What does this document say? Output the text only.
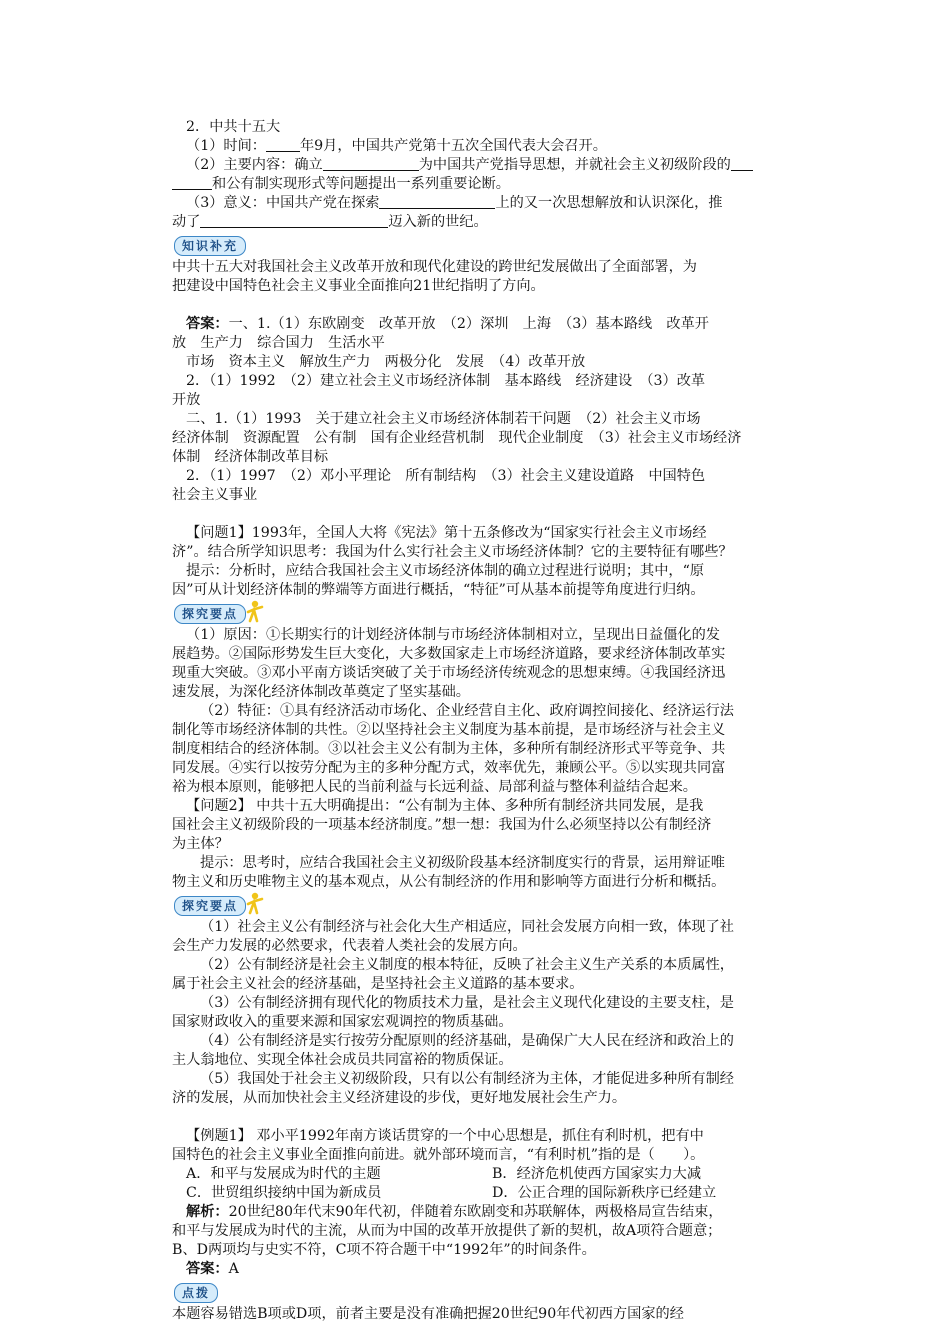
2．中共十五大

（1）时间： 年9月，中国共产党第十五次全国代表大会召开。

（2）主要内容：确立	为中国共产党指导思想，并就社会主义初级阶段的

和公有制实现形式等问题提出一系列重要论断。

（3）意义：中国共产党在探索	上的又一次思想解放和认识深化，推

动了	迈入新的世纪。

知识补充

中共十五大对我国社会主义改革开放和现代化建设的跨世纪发展做出了全面部署，为

把建设中国特色社会主义事业全面推向21世纪指明了方向。

答案：一、1.（1）东欧剧变　改革开放　（2）深圳　上海　（3）基本路线　改革开

放　生产力　综合国力　生活水平

市场　资本主义　解放生产力　两极分化　发展　（4）改革开放

2．（1）1992　（2）建立社会主义市场经济体制　基本路线　经济建设　（3）改革

开放

二、1.（1）1993　关于建立社会主义市场经济体制若干问题　（2）社会主义市场

经济体制　资源配置　公有制　国有企业经营机制　现代企业制度　（3）社会主义市场经济

体制　经济体制改革目标

2．（1）1997　（2）邓小平理论　所有制结构　（3）社会主义建设道路　中国特色

社会主义事业

【问题1】1993年，全国人大将《宪法》第十五条修改为“国家实行社会主义市场经

济”。结合所学知识思考：我国为什么实行社会主义市场经济体制？它的主要特征有哪些？

提示：分析时，应结合我国社会主义市场经济体制的确立过程进行说明；其中，“原

因”可从计划经济体制的弊端等方面进行概括，“特征”可从基本前提等角度进行归纳。

探究要点

（1）原因：①长期实行的计划经济体制与市场经济体制相对立，呈现出日益僵化的发

展趋势。②国际形势发生巨大变化，大多数国家走上市场经济道路，要求经济体制改革实

现重大突破。③邓小平南方谈话突破了关于市场经济传统观念的思想束缚。④我国经济迅

速发展，为深化经济体制改革奠定了坚实基础。

（2）特征：①具有经济活动市场化、企业经营自主化、政府调控间接化、经济运行法

制化等市场经济体制的共性。②以坚持社会主义制度为基本前提，是市场经济与社会主义

制度相结合的经济体制。③以社会主义公有制为主体，多种所有制经济形式平等竞争、共

同发展。④实行以按劳分配为主的多种分配方式，效率优先，兼顾公平。⑤以实现共同富

裕为根本原则，能够把人民的当前利益与长远利益、局部利益与整体利益结合起来。

【问题2】 中共十五大明确提出：“公有制为主体、多种所有制经济共同发展，是我

国社会主义初级阶段的一项基本经济制度。”想一想：我国为什么必须坚持以公有制经济

为主体？

提示：思考时，应结合我国社会主义初级阶段基本经济制度实行的背景，运用辩证唯

物主义和历史唯物主义的基本观点，从公有制经济的作用和影响等方面进行分析和概括。

探究要点

（1）社会主义公有制经济与社会化大生产相适应，同社会发展方向相一致，体现了社

会生产力发展的必然要求，代表着人类社会的发展方向。

（2）公有制经济是社会主义制度的根本特征，反映了社会主义生产关系的本质属性，

属于社会主义社会的经济基础，是坚持社会主义道路的基本要求。

（3）公有制经济拥有现代化的物质技术力量，是社会主义现代化建设的主要支柱，是

国家财政收入的重要来源和国家宏观调控的物质基础。

（4）公有制经济是实行按劳分配原则的经济基础，是确保广大人民在经济和政治上的

主人翁地位、实现全体社会成员共同富裕的物质保证。

（5）我国处于社会主义初级阶段，只有以公有制经济为主体，才能促进多种所有制经

济的发展，从而加快社会主义经济建设的步伐，更好地发展社会生产力。

【例题1】 邓小平1992年南方谈话贯穿的一个中心思想是，抓住有利时机，把有中

国特色的社会主义事业全面推向前进。就外部环境而言，“有利时机”指的是（　　）。

A．和平与发展成为时代的主题	B．经济危机使西方国家实力大减

C．世贸组织接纳中国为新成员	D．公正合理的国际新秩序已经建立

解析：20世纪80年代末90年代初，伴随着东欧剧变和苏联解体，两极格局宣告结束，

和平与发展成为时代的主流，从而为中国的改革开放提供了新的契机，故A项符合题意；

B、D两项均与史实不符，C项不符合题干中“1992年”的时间条件。

答案：A

点拨

本题容易错选B项或D项，前者主要是没有准确把握20世纪90年代初西方国家的经
